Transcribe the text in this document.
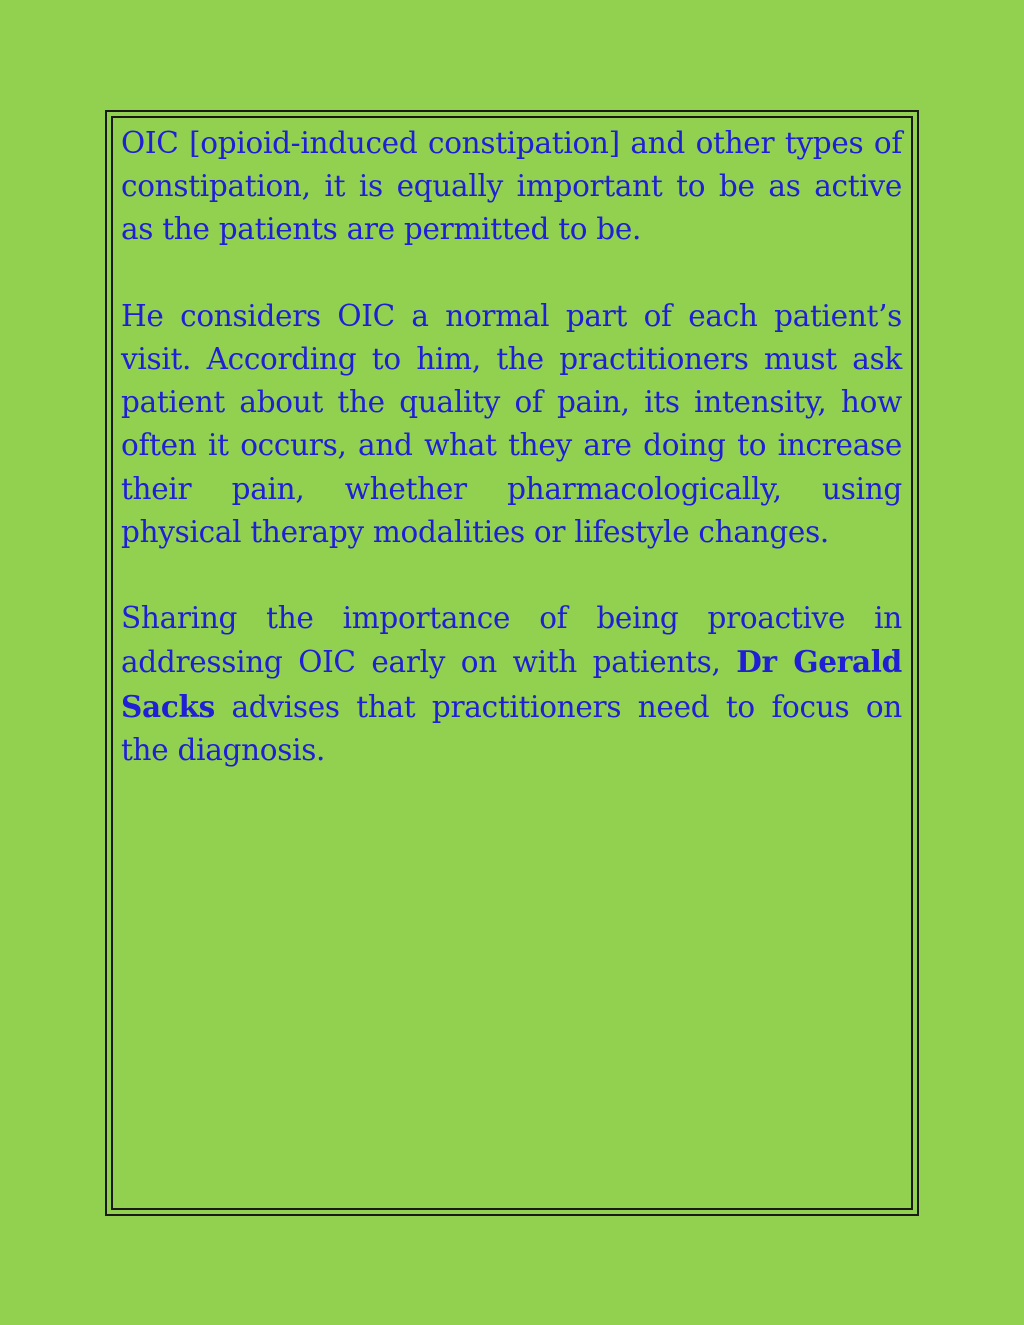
OIC [opioid-induced constipation] and other types of constipation, it is equally important to be as active as the patients are permitted to be.

He considers OIC a normal part of each patient’s visit. According to him, the practitioners must ask patient about the quality of pain, its intensity, how often it occurs, and what they are doing to increase their pain, whether pharmacologically, using physical therapy modalities or lifestyle changes.

Sharing the importance of being proactive in addressing OIC early on with patients, Dr Gerald Sacks advises that practitioners need to focus on the diagnosis.
